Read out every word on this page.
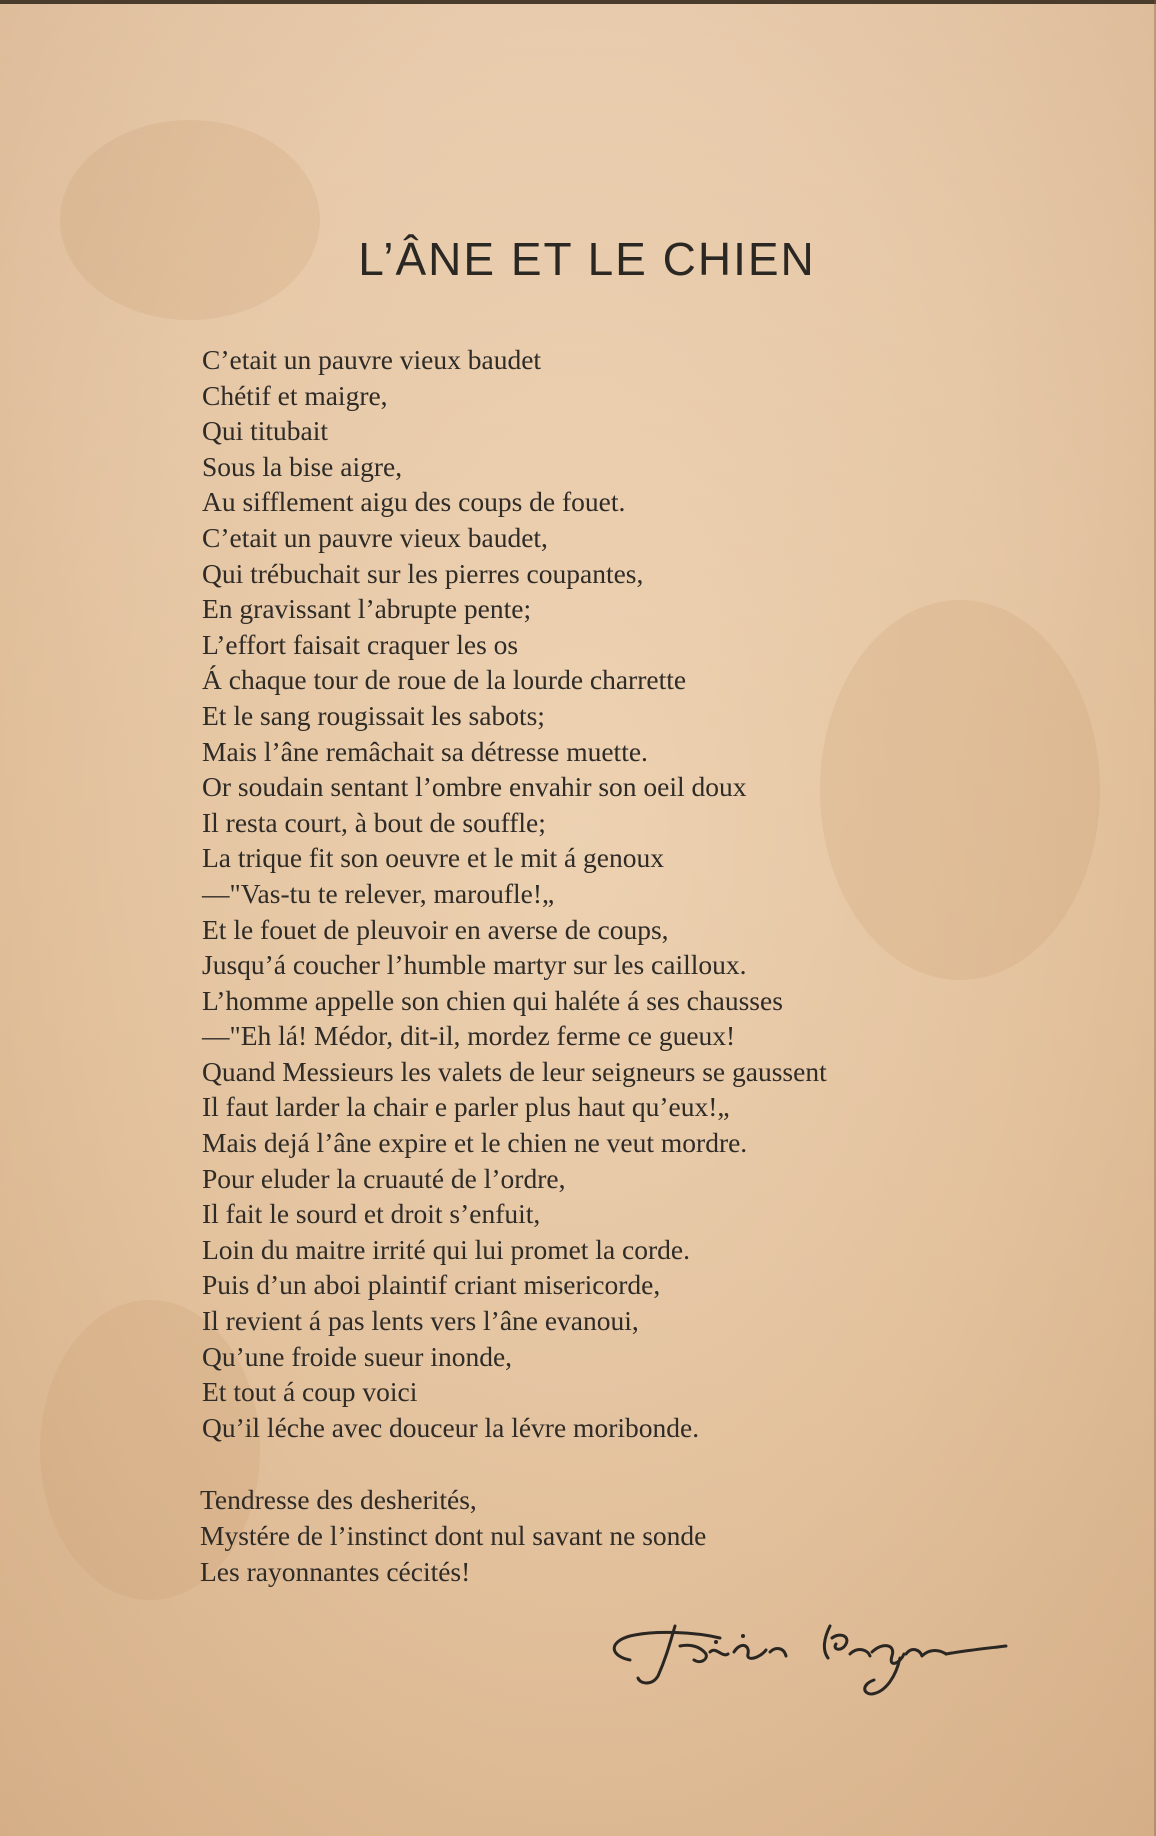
L’ÂNE ET LE CHIEN
C’etait un pauvre vieux baudet
Chétif et maigre,
Qui titubait
Sous la bise aigre,
Au sifflement aigu des coups de fouet.
C’etait un pauvre vieux baudet,
Qui trébuchait sur les pierres coupantes,
En gravissant l’abrupte pente;
L’effort faisait craquer les os
Á chaque tour de roue de la lourde charrette
Et le sang rougissait les sabots;
Mais l’âne remâchait sa détresse muette.
Or soudain sentant l’ombre envahir son oeil doux
Il resta court, à bout de souffle;
La trique fit son oeuvre et le mit á genoux
—"Vas-tu te relever, maroufle!„
Et le fouet de pleuvoir en averse de coups,
Jusqu’á coucher l’humble martyr sur les cailloux.
L’homme appelle son chien qui haléte á ses chausses
—"Eh lá! Médor, dit-il, mordez ferme ce gueux!
Quand Messieurs les valets de leur seigneurs se gaussent
Il faut larder la chair e parler plus haut qu’eux!„
Mais dejá l’âne expire et le chien ne veut mordre.
Pour eluder la cruauté de l’ordre,
Il fait le sourd et droit s’enfuit,
Loin du maitre irrité qui lui promet la corde.
Puis d’un aboi plaintif criant misericorde,
Il revient á pas lents vers l’âne evanoui,
Qu’une froide sueur inonde,
Et tout á coup voici
Qu’il léche avec douceur la lévre moribonde.
Tendresse des desherités,
Mystére de l’instinct dont nul savant ne sonde
Les rayonnantes cécités!
